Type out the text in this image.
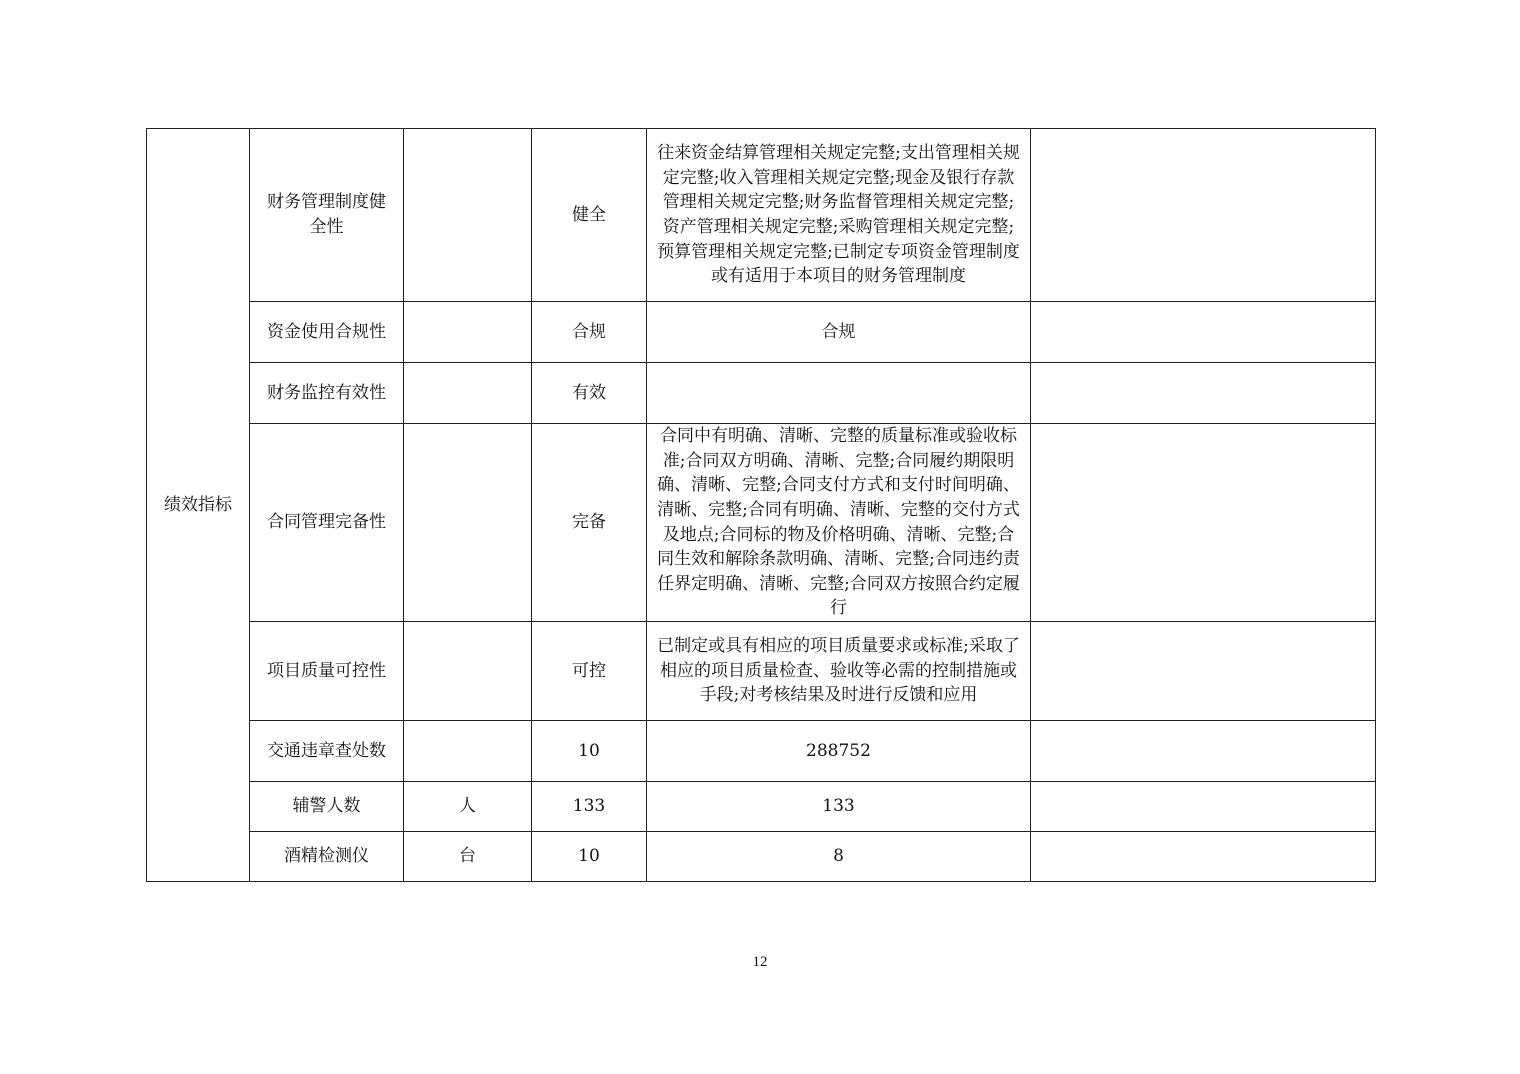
绩效指标	财务管理制度健全性		健全	往来资金结算管理相关规定完整;支出管理相关规定完整;收入管理相关规定完整;现金及银行存款管理相关规定完整;财务监督管理相关规定完整;资产管理相关规定完整;采购管理相关规定完整;预算管理相关规定完整;已制定专项资金管理制度或有适用于本项目的财务管理制度	
	资金使用合规性		合规	合规	
	财务监控有效性		有效		
	合同管理完备性		完备	合同中有明确、清晰、完整的质量标准或验收标准;合同双方明确、清晰、完整;合同履约期限明确、清晰、完整;合同支付方式和支付时间明确、清晰、完整;合同有明确、清晰、完整的交付方式及地点;合同标的物及价格明确、清晰、完整;合同生效和解除条款明确、清晰、完整;合同违约责任界定明确、清晰、完整;合同双方按照合约定履行	
	项目质量可控性		可控	已制定或具有相应的项目质量要求或标准;采取了相应的项目质量检查、验收等必需的控制措施或手段;对考核结果及时进行反馈和应用	
	交通违章查处数		10	288752	
	辅警人数	人	133	133	
	酒精检测仪	台	10	8	
12
